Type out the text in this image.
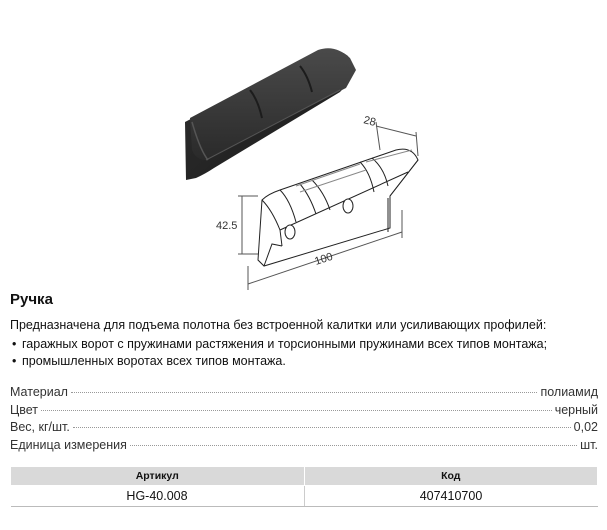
28
42.5
100
Ручка

Предназначена для подъема полотна без встроенной калитки или усиливающих профилей:

• гаражных ворот с пружинами растяжения и торсионными пружинами всех типов монтажа;
• промышленных воротах всех типов монтажа.
Материал	полиамид
Цвет	черный
Вес, кг/шт.	0,02
Единица измерения	шт.
Артикул	Код
HG-40.008	407410700
